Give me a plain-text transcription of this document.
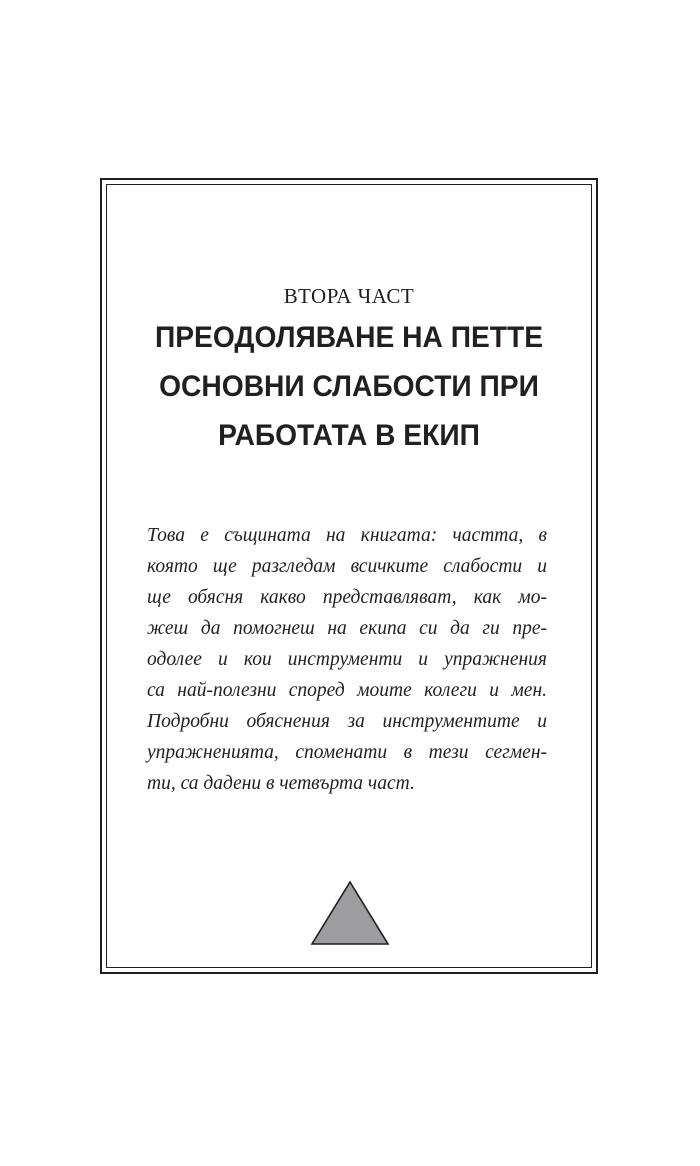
ВТОРА ЧАСТ
ПРЕОДОЛЯВАНЕ НА ПЕТТЕ
ОСНОВНИ СЛАБОСТИ ПРИ
РАБОТАТА В ЕКИП

Това е същината на книгата: частта, в
която ще разгледам всичките слабости и
ще обясня какво представляват, как мо-
жеш да помогнеш на екипа си да ги пре-
одолее и кои инструменти и упражнения
са най-полезни според моите колеги и мен.
Подробни обяснения за инструментите и
упражненията, споменати в тези сегмен-
ти, са дадени в четвърта част.
